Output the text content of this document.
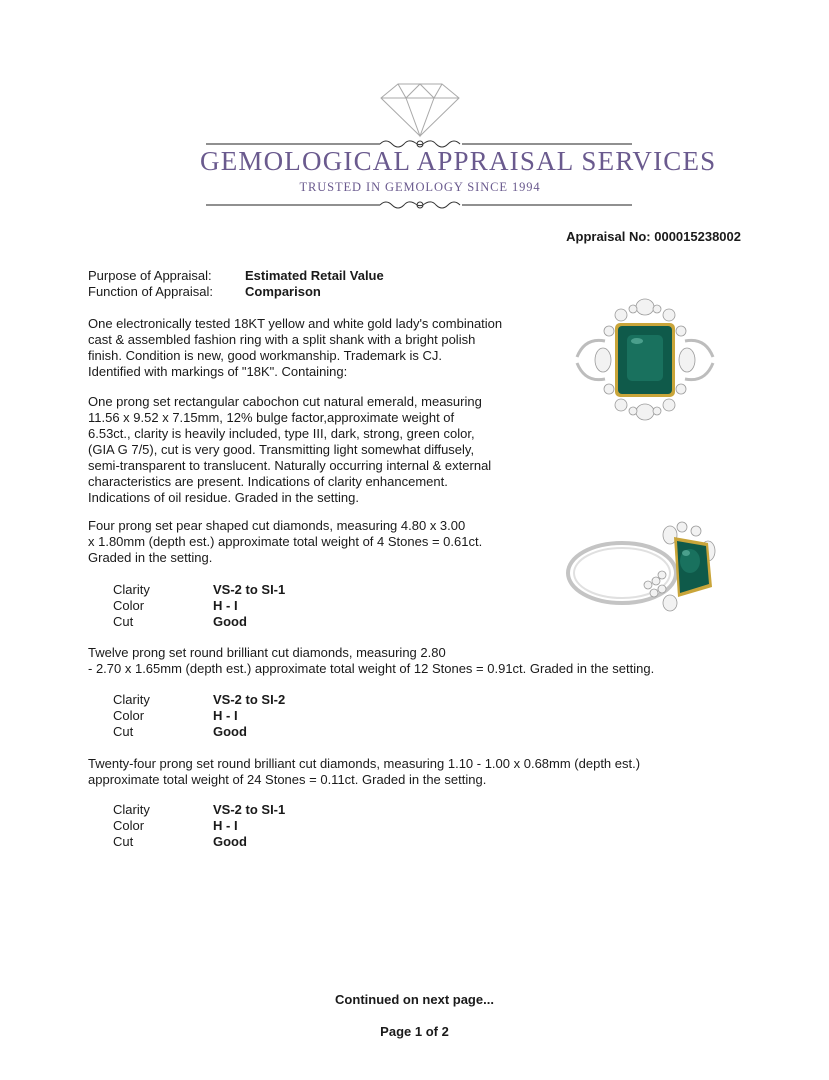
GEMOLOGICAL APPRAISAL SERVICES
TRUSTED IN GEMOLOGY SINCE 1994
Appraisal No: 000015238002
Purpose of Appraisal:	Estimated Retail Value
Function of Appraisal: Comparison
One electronically tested 18KT yellow and white gold lady's combination
cast & assembled fashion ring with a split shank with a bright polish
finish. Condition is new, good workmanship. Trademark is CJ.
Identified with markings of "18K". Containing:
One prong set rectangular cabochon cut natural emerald, measuring
11.56 x 9.52 x 7.15mm, 12% bulge factor,approximate weight of
6.53ct., clarity is heavily included, type III, dark, strong, green color,
(GIA G 7/5), cut is very good. Transmitting light somewhat diffusely,
semi-transparent to translucent. Naturally occurring internal & external
characteristics are present. Indications of clarity enhancement.
Indications of oil residue. Graded in the setting.
Four prong set pear shaped cut diamonds, measuring 4.80 x 3.00
x 1.80mm (depth est.) approximate total weight of 4 Stones = 0.61ct.
Graded in the setting.
Clarity	VS-2 to SI-1
Color	H - I
Cut	Good
Twelve prong set round brilliant cut diamonds, measuring 2.80
- 2.70 x 1.65mm (depth est.) approximate total weight of 12 Stones = 0.91ct. Graded in the setting.
Clarity	VS-2 to SI-2
Color	H - I
Cut	Good
Twenty-four prong set round brilliant cut diamonds, measuring 1.10 - 1.00 x 0.68mm (depth est.)
approximate total weight of 24 Stones = 0.11ct. Graded in the setting.
Clarity	VS-2 to SI-1
Color	H - I
Cut	Good
Continued on next page...
Page 1 of 2
